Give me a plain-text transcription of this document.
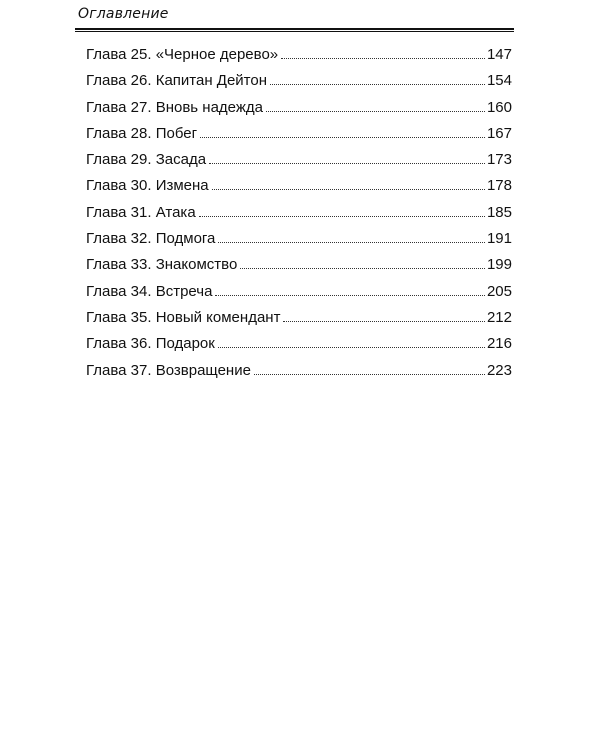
Оглавление
Глава 25. «Черное дерево»	147
Глава 26. Капитан Дейтон	154
Глава 27. Вновь надежда	160
Глава 28. Побег	167
Глава 29. Засада	173
Глава 30. Измена	178
Глава 31. Атака	185
Глава 32. Подмога	191
Глава 33. Знакомство	199
Глава 34. Встреча	205
Глава 35. Новый комендант	212
Глава 36. Подарок	216
Глава 37. Возвращение	223
